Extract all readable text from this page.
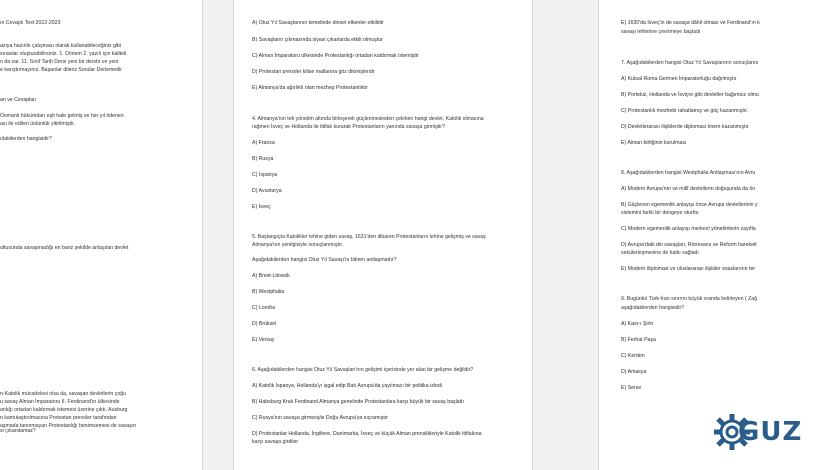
ın Cevaplı Test 2022-2023
azıya hazırlık çalışması olarak kullanabileceğiniz gibi
sınavlar oluşturabilirsiniz. 1. Dönem 2. yazılı için kaliteli
n da var. 11. Sınıf Tarih Dersi yeni bir derstir ve yeni
e karıştırmayınız. Başarılar dileriz Sorular Derlemedir
an ve Cevapları
Osmanlı hükümdarı eşit hale gelmiş ve her yıl ödenen
ası ile edilen üstünlük yitirilmiştir.
ıdakilerden hangisidir?
ultusunda savaşmadığı en bariz şekilde anlaşılan devlet
n-Katolik mücadelesi olsa da, savaşan devletlerin çoğu
u savaş Alman İmparatoru II. Ferdinand'ın ülkesinde
anlığı ortadan kaldırmak istemesi üzerine çıktı. Ausburg
n kamulaştırılmasına Protestan prensler tarafından
aşmada tanınmayan Protestanlığı benimsemesi de savaşın
si çıkanılamaz?
A) Otuz Yıl Savaşlarının temelinde dinsel etkenler etkilidir
B) Savaşların çıkmasında siyasi çıkarlarda etkili olmuştur
C) Alman İmparatoru ülkesinde Protestanlığı ortadan kaldırmak istemiştir
D) Protestan prensler kilise mallarına göz dikmişlerdir
E) Almanya'da ağırlıklı olan mezhep Protestanlıktır
4. Almanya'nın tek yönetim altında birleşerek güçlenmesinden çekinen hangi devlet, Katolik olmasına
rağmen İsveç ve Hollanda ile ittifak kurarak Protestanların yanında savaşa girmiştir?
A) Fransa
B) Rusya
C) İspanya
D) Avusturya
E) İsveç
5. Başlangıçta Katolikler lehine giden savaş, 1631'den itibaren Protestanların lehine gelişmiş ve savaş
Almanya'nın yenilgisiyle sonuçlanmıştır.
Aşağıdakilerden hangisi Otuz Yıl Savaşı'nı bitiren antlaşmadır?
A) Brest-Litowsk
B) Westphalia
C) Londra
D) Brüksel
E) Versay
6. Aşağıdakilerden hangisi Otuz Yıl Savaşları'nın gelişimi içerisinde yer alan bir gelişme değildir?
A) Katolik İspanya, Hollanda'yı işgal edip Batı Avrupa'da yayılmacı bir politika izledi
B) Habsburg Kralı Ferdinand Almanya genelinde Protestanlara karşı büyük bir savaş başlattı
C) Rusya'nın savaşa girmesiyle Doğu Avrupa'ya sıçramıştır
D) Protestanlar Hollanda, İngiltere, Danimarka, İsveç ve küçük Alman prenslikleriyle Katolik ittifakına
karşı savaşa girdiler
E) 1630'da İsveç'in de savaşa dâhil olması ve Ferdinand'ın k
savaşı lehlerine çevirmeye başladı
7. Aşağıdakilerden hangisi Otuz Yıl Savaşlarının sonuçlarını
A) Kutsal Roma Germen İmparatorluğu dağılmıştır
B) Portekiz, Hollanda ve İsviçre gibi devletler bağımsız olmu
C) Protestanlık mezhebi rahatlamış ve güç kazanmıştır.
D) Devletlerarası ilişkilerde diplomasi önem kazanmıştır
E) Alman birliğinin kurulması
8. Aşağıdakilerden hangisi Westphalia Antlaşması'nın Avru
A) Modern Avrupa'nın ve millî devletlerin doğuşunda da ön
B) Güçlenen egemenlik anlayışı önce Avrupa devletlerinin y
sistemini farklı bir dengeye oturttu
C) Modern egemenlik anlayışı merkezî yönetimlerin zayıfla
D) Avrupa'daki din savaşları, Rönesans ve Reform hareketl
sekülerleşmesine de katkı sağladı
E) Modern diplomasi ve uluslararası ilişkiler esaslarının ter
9. Bugünkü Türk-İran sınırını büyük oranda belirleyen ( Zağ
aşağıdakilerden hangisidir?
A) Kasr-ı Şirin
B) Ferhat Paşa
C) Kerden
D) Amasya
E) Serav
GUZ
